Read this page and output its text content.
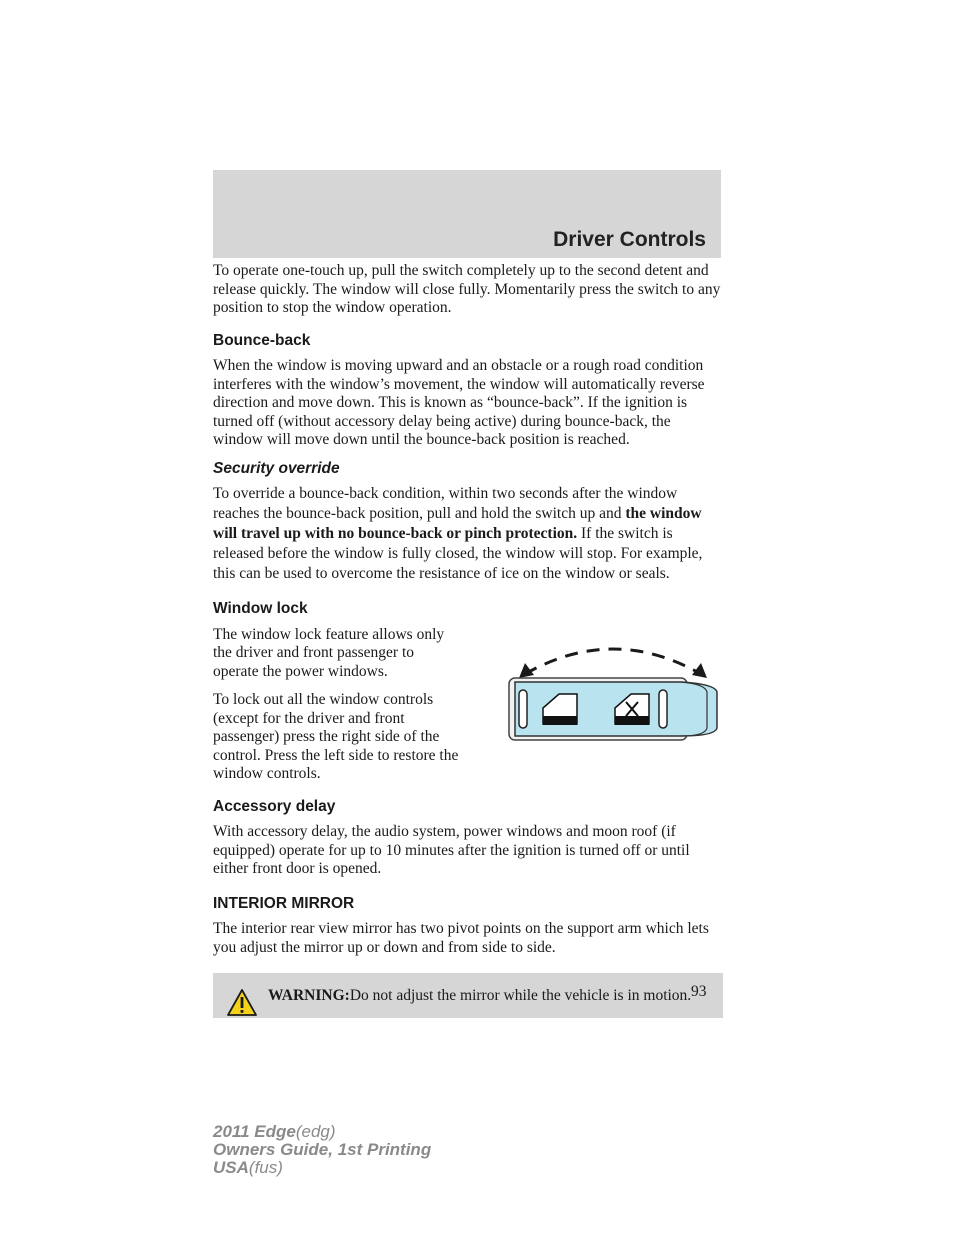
Driver Controls

To operate one-touch up, pull the switch completely up to the second detent and release quickly. The window will close fully. Momentarily press the switch to any position to stop the window operation.

Bounce-back

When the window is moving upward and an obstacle or a rough road condition interferes with the window’s movement, the window will automatically reverse direction and move down. This is known as “bounce-back”. If the ignition is turned off (without accessory delay being active) during bounce-back, the window will move down until the bounce-back position is reached.

Security override

To override a bounce-back condition, within two seconds after the window reaches the bounce-back position, pull and hold the switch up and the window will travel up with no bounce-back or pinch protection. If the switch is released before the window is fully closed, the window will stop. For example, this can be used to overcome the resistance of ice on the window or seals.

Window lock

The window lock feature allows only the driver and front passenger to operate the power windows.

To lock out all the window controls (except for the driver and front passenger) press the right side of the control. Press the left side to restore the window controls.

Accessory delay

With accessory delay, the audio system, power windows and moon roof (if equipped) operate for up to 10 minutes after the ignition is turned off or until either front door is opened.

INTERIOR MIRROR

The interior rear view mirror has two pivot points on the support arm which lets you adjust the mirror up or down and from side to side.

WARNING:Do not adjust the mirror while the vehicle is in motion. 93
2011 Edge(edg)
Owners Guide, 1st Printing
USA(fus)
